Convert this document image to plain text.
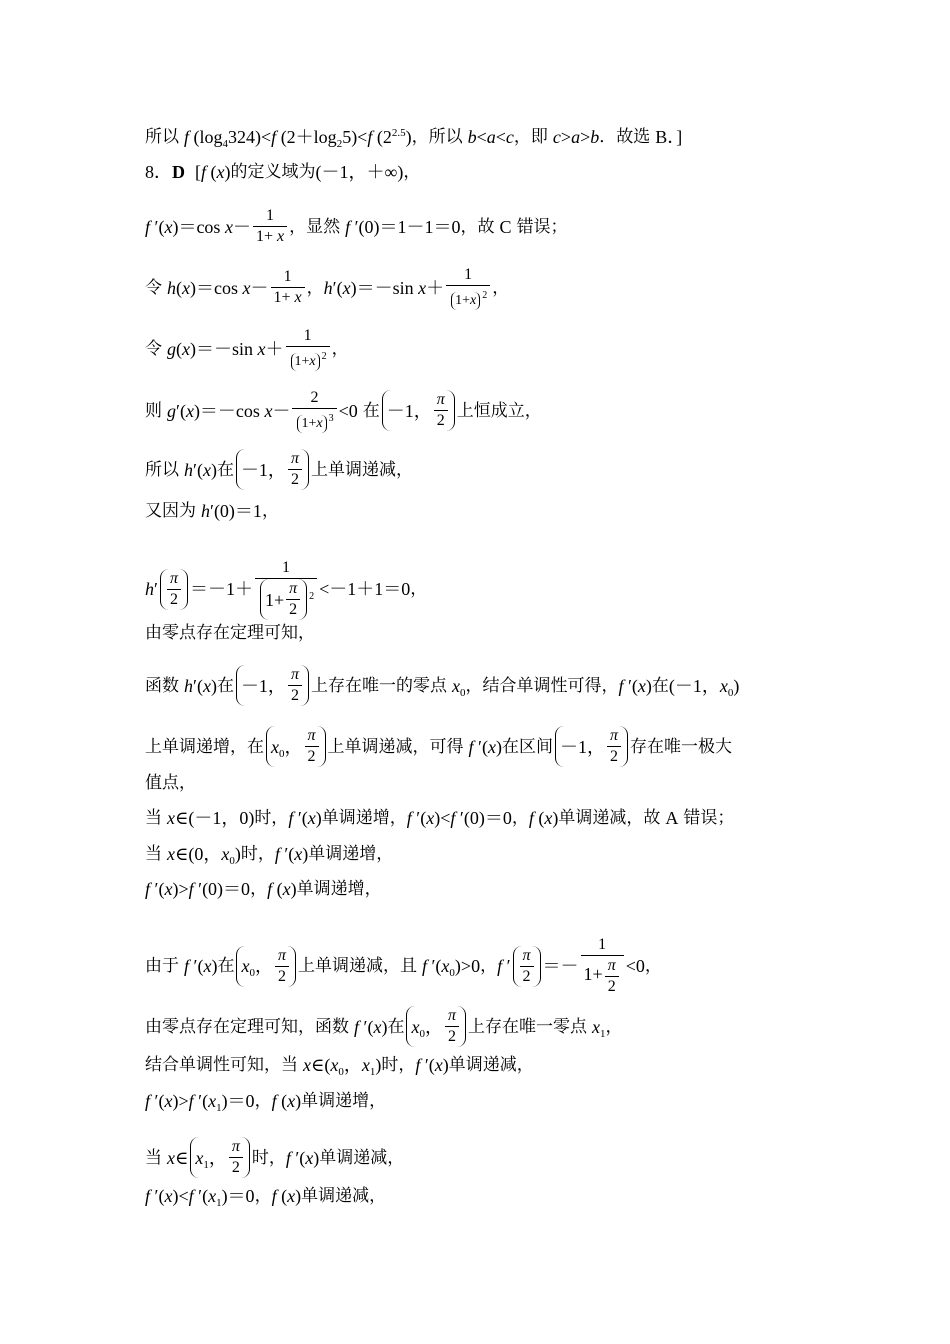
所以 f $(\log_4324)<f$ $(2+\log_25)<f$ $(2^{2.5})$ ，所以 b<a<c ，即 c>a>b ．故选 B．]
8．D [f (x) 的定义域为 (－1，＋∞) ，
f ′(x)＝cos $x- \frac{1}{1+ x}$ ，显然 f ′(0)＝1－1＝0 ，故 C 错误；
令 h(x)＝cos $x- \frac{1}{1+ x}$ ， h′(x)＝－sin $x+ \frac{1}{1+ x ^2}$ ，
令 g(x)＝－sin $x+ \frac{1}{1+ x ^2}$ ，
则 g′(x)＝－cos $x- \frac{2}{1+ x ^3} <0$ 在 －1， $\frac{\pi}{2}$ 上恒成立，
所以 h′(x) 在 －1， $\frac{\pi}{2}$ 上单调递减，
又因为 h′(0)＝1 ，
$h' \frac{\pi}{2} =-1+ \frac{1}{1+ \frac{\pi}{2} ^2} <-1+1=0$ ，
由零点存在定理可知，
函数 h′(x) 在 －1， $\frac{\pi}{2}$ 上存在唯一的零点 $x_0$ ，结合单调性可得， f ′(x) 在 (－1，$x_0$)
上单调递增，在 $x_0$， $\frac{\pi}{2}$ 上单调递减，可得 f ′(x) 在区间 －1， $\frac{\pi}{2}$ 存在唯一极大
值点，
当 x∈(－1，0) 时， f ′(x) 单调递增， f ′(x)<f ′(0)＝0 ， f (x) 单调递减，故 A 错误；
当 x∈(0，$x_0$) 时， f ′(x) 单调递增，
f ′(x)>f ′(0)＝0 ， f (x) 单调递增，
由于 f ′(x) 在 $x_0$， $\frac{\pi}{2}$ 上单调递减，且 f $'(x_0)>0$ ， f ′ $\frac{\pi}{2} =- \frac{1}{1+ \frac{\pi}{2}} <0$ ，
由零点存在定理可知，函数 f ′(x) 在 $x_0$， $\frac{\pi}{2}$ 上存在唯一零点 $x_1$ ，
结合单调性可知，当 $x\in(x_0$，$x_1$) 时， f ′(x) 单调递减，
f ′(x)>f $'(x_1)=0$ ， f (x) 单调递增，
当 x∈ $x_1$， $\frac{\pi}{2}$ 时， f ′(x) 单调递减，
f ′(x)<f $'(x_1)=0$ ， f (x) 单调递减，
